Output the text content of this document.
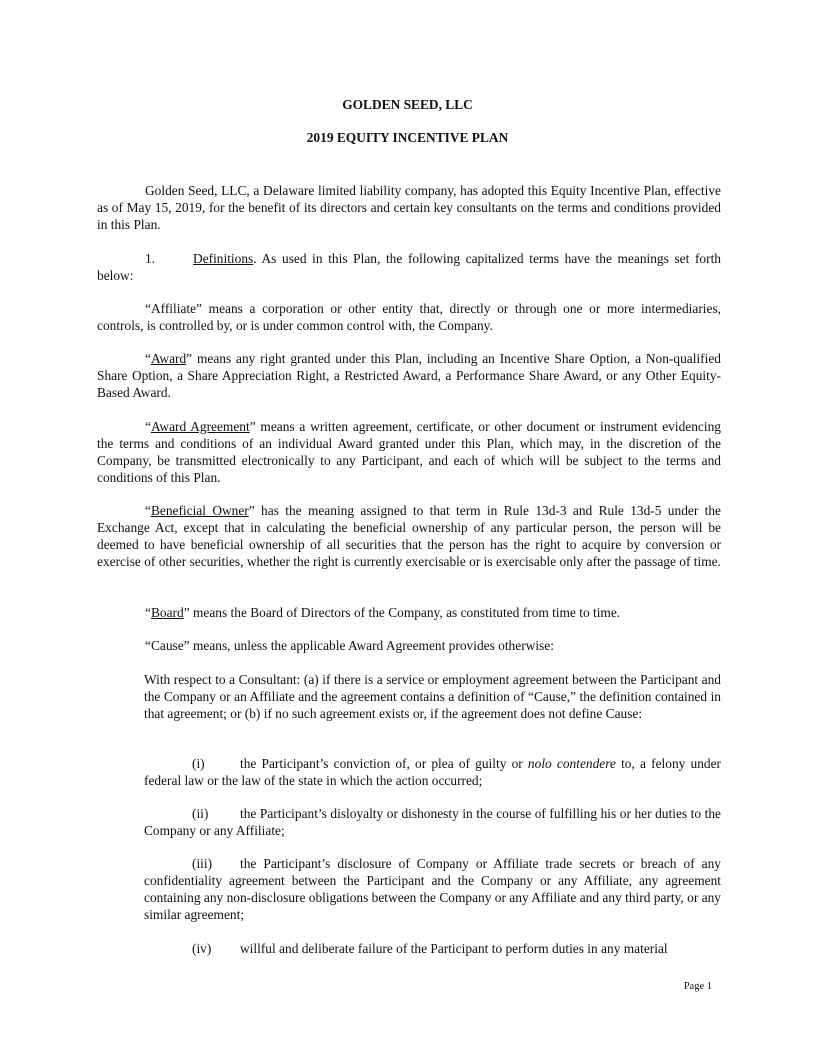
GOLDEN SEED, LLC
2019 EQUITY INCENTIVE PLAN

Golden Seed, LLC, a Delaware limited liability company, has adopted this Equity Incentive Plan, effective as of May 15, 2019, for the benefit of its directors and certain key consultants on the terms and conditions provided in this Plan.

1.	Definitions. As used in this Plan, the following capitalized terms have the meanings set forth below:

“Affiliate” means a corporation or other entity that, directly or through one or more intermediaries, controls, is controlled by, or is under common control with, the Company.

“Award” means any right granted under this Plan, including an Incentive Share Option, a Non-qualified Share Option, a Share Appreciation Right, a Restricted Award, a Performance Share Award, or any Other Equity-Based Award.

“Award Agreement” means a written agreement, certificate, or other document or instrument evidencing the terms and conditions of an individual Award granted under this Plan, which may, in the discretion of the Company, be transmitted electronically to any Participant, and each of which will be subject to the terms and conditions of this Plan.

“Beneficial Owner” has the meaning assigned to that term in Rule 13d-3 and Rule 13d-5 under the Exchange Act, except that in calculating the beneficial ownership of any particular person, the person will be deemed to have beneficial ownership of all securities that the person has the right to acquire by conversion or exercise of other securities, whether the right is currently exercisable or is exercisable only after the passage of time.

“Board” means the Board of Directors of the Company, as constituted from time to time.

“Cause” means, unless the applicable Award Agreement provides otherwise:

With respect to a Consultant: (a) if there is a service or employment agreement between the Participant and the Company or an Affiliate and the agreement contains a definition of “Cause,” the definition contained in that agreement; or (b) if no such agreement exists or, if the agreement does not define Cause:

(i)	the Participant’s conviction of, or plea of guilty or nolo contendere to, a felony under federal law or the law of the state in which the action occurred;

(ii) the Participant’s disloyalty or dishonesty in the course of fulfilling his or her duties to the Company or any Affiliate;

(iii) the Participant’s disclosure of Company or Affiliate trade secrets or breach of any confidentiality agreement between the Participant and the Company or any Affiliate, any agreement containing any non-disclosure obligations between the Company or any Affiliate and any third party, or any similar agreement;

(iv) willful and deliberate failure of the Participant to perform duties in any material

Page 1
